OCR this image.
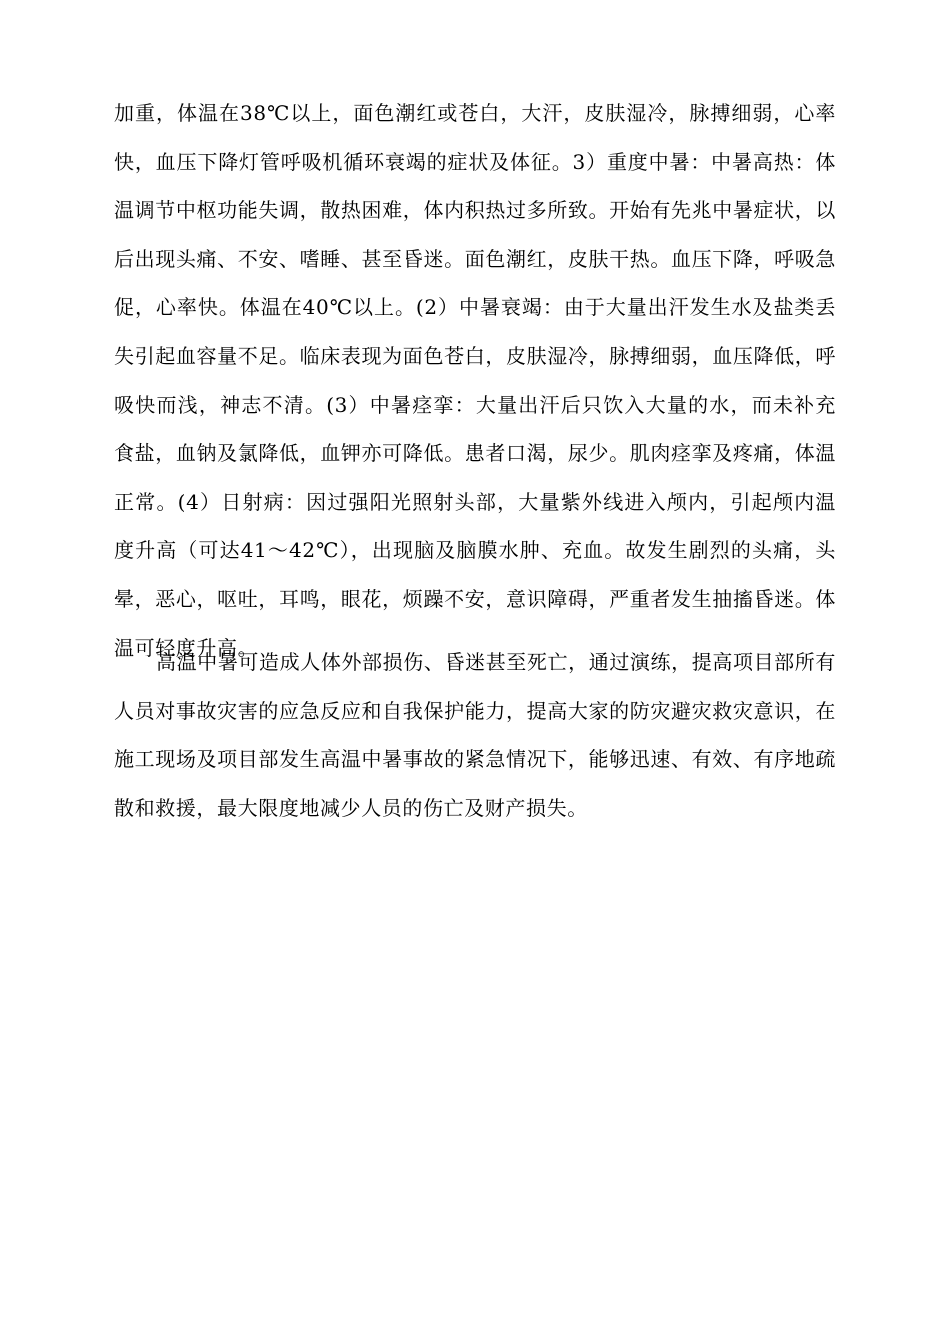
加重，体温在38℃以上，面色潮红或苍白，大汗，皮肤湿冷，脉搏细弱，心率快，血压下降灯管呼吸机循环衰竭的症状及体征。3）重度中暑：中暑高热：体温调节中枢功能失调，散热困难，体内积热过多所致。开始有先兆中暑症状，以后出现头痛、不安、嗜睡、甚至昏迷。面色潮红，皮肤干热。血压下降，呼吸急促，心率快。体温在40℃以上。(2）中暑衰竭：由于大量出汗发生水及盐类丢失引起血容量不足。临床表现为面色苍白，皮肤湿冷，脉搏细弱，血压降低，呼吸快而浅，神志不清。(3）中暑痉挛：大量出汗后只饮入大量的水，而未补充食盐，血钠及氯降低，血钾亦可降低。患者口渴，尿少。肌肉痉挛及疼痛，体温正常。(4）日射病：因过强阳光照射头部，大量紫外线进入颅内，引起颅内温度升高（可达41～42℃），出现脑及脑膜水肿、充血。故发生剧烈的头痛，头晕，恶心，呕吐，耳鸣，眼花，烦躁不安，意识障碍，严重者发生抽搐昏迷。体温可轻度升高。

高温中暑可造成人体外部损伤、昏迷甚至死亡，通过演练，提高项目部所有人员对事故灾害的应急反应和自我保护能力，提高大家的防灾避灾救灾意识，在施工现场及项目部发生高温中暑事故的紧急情况下，能够迅速、有效、有序地疏散和救援，最大限度地减少人员的伤亡及财产损失。
